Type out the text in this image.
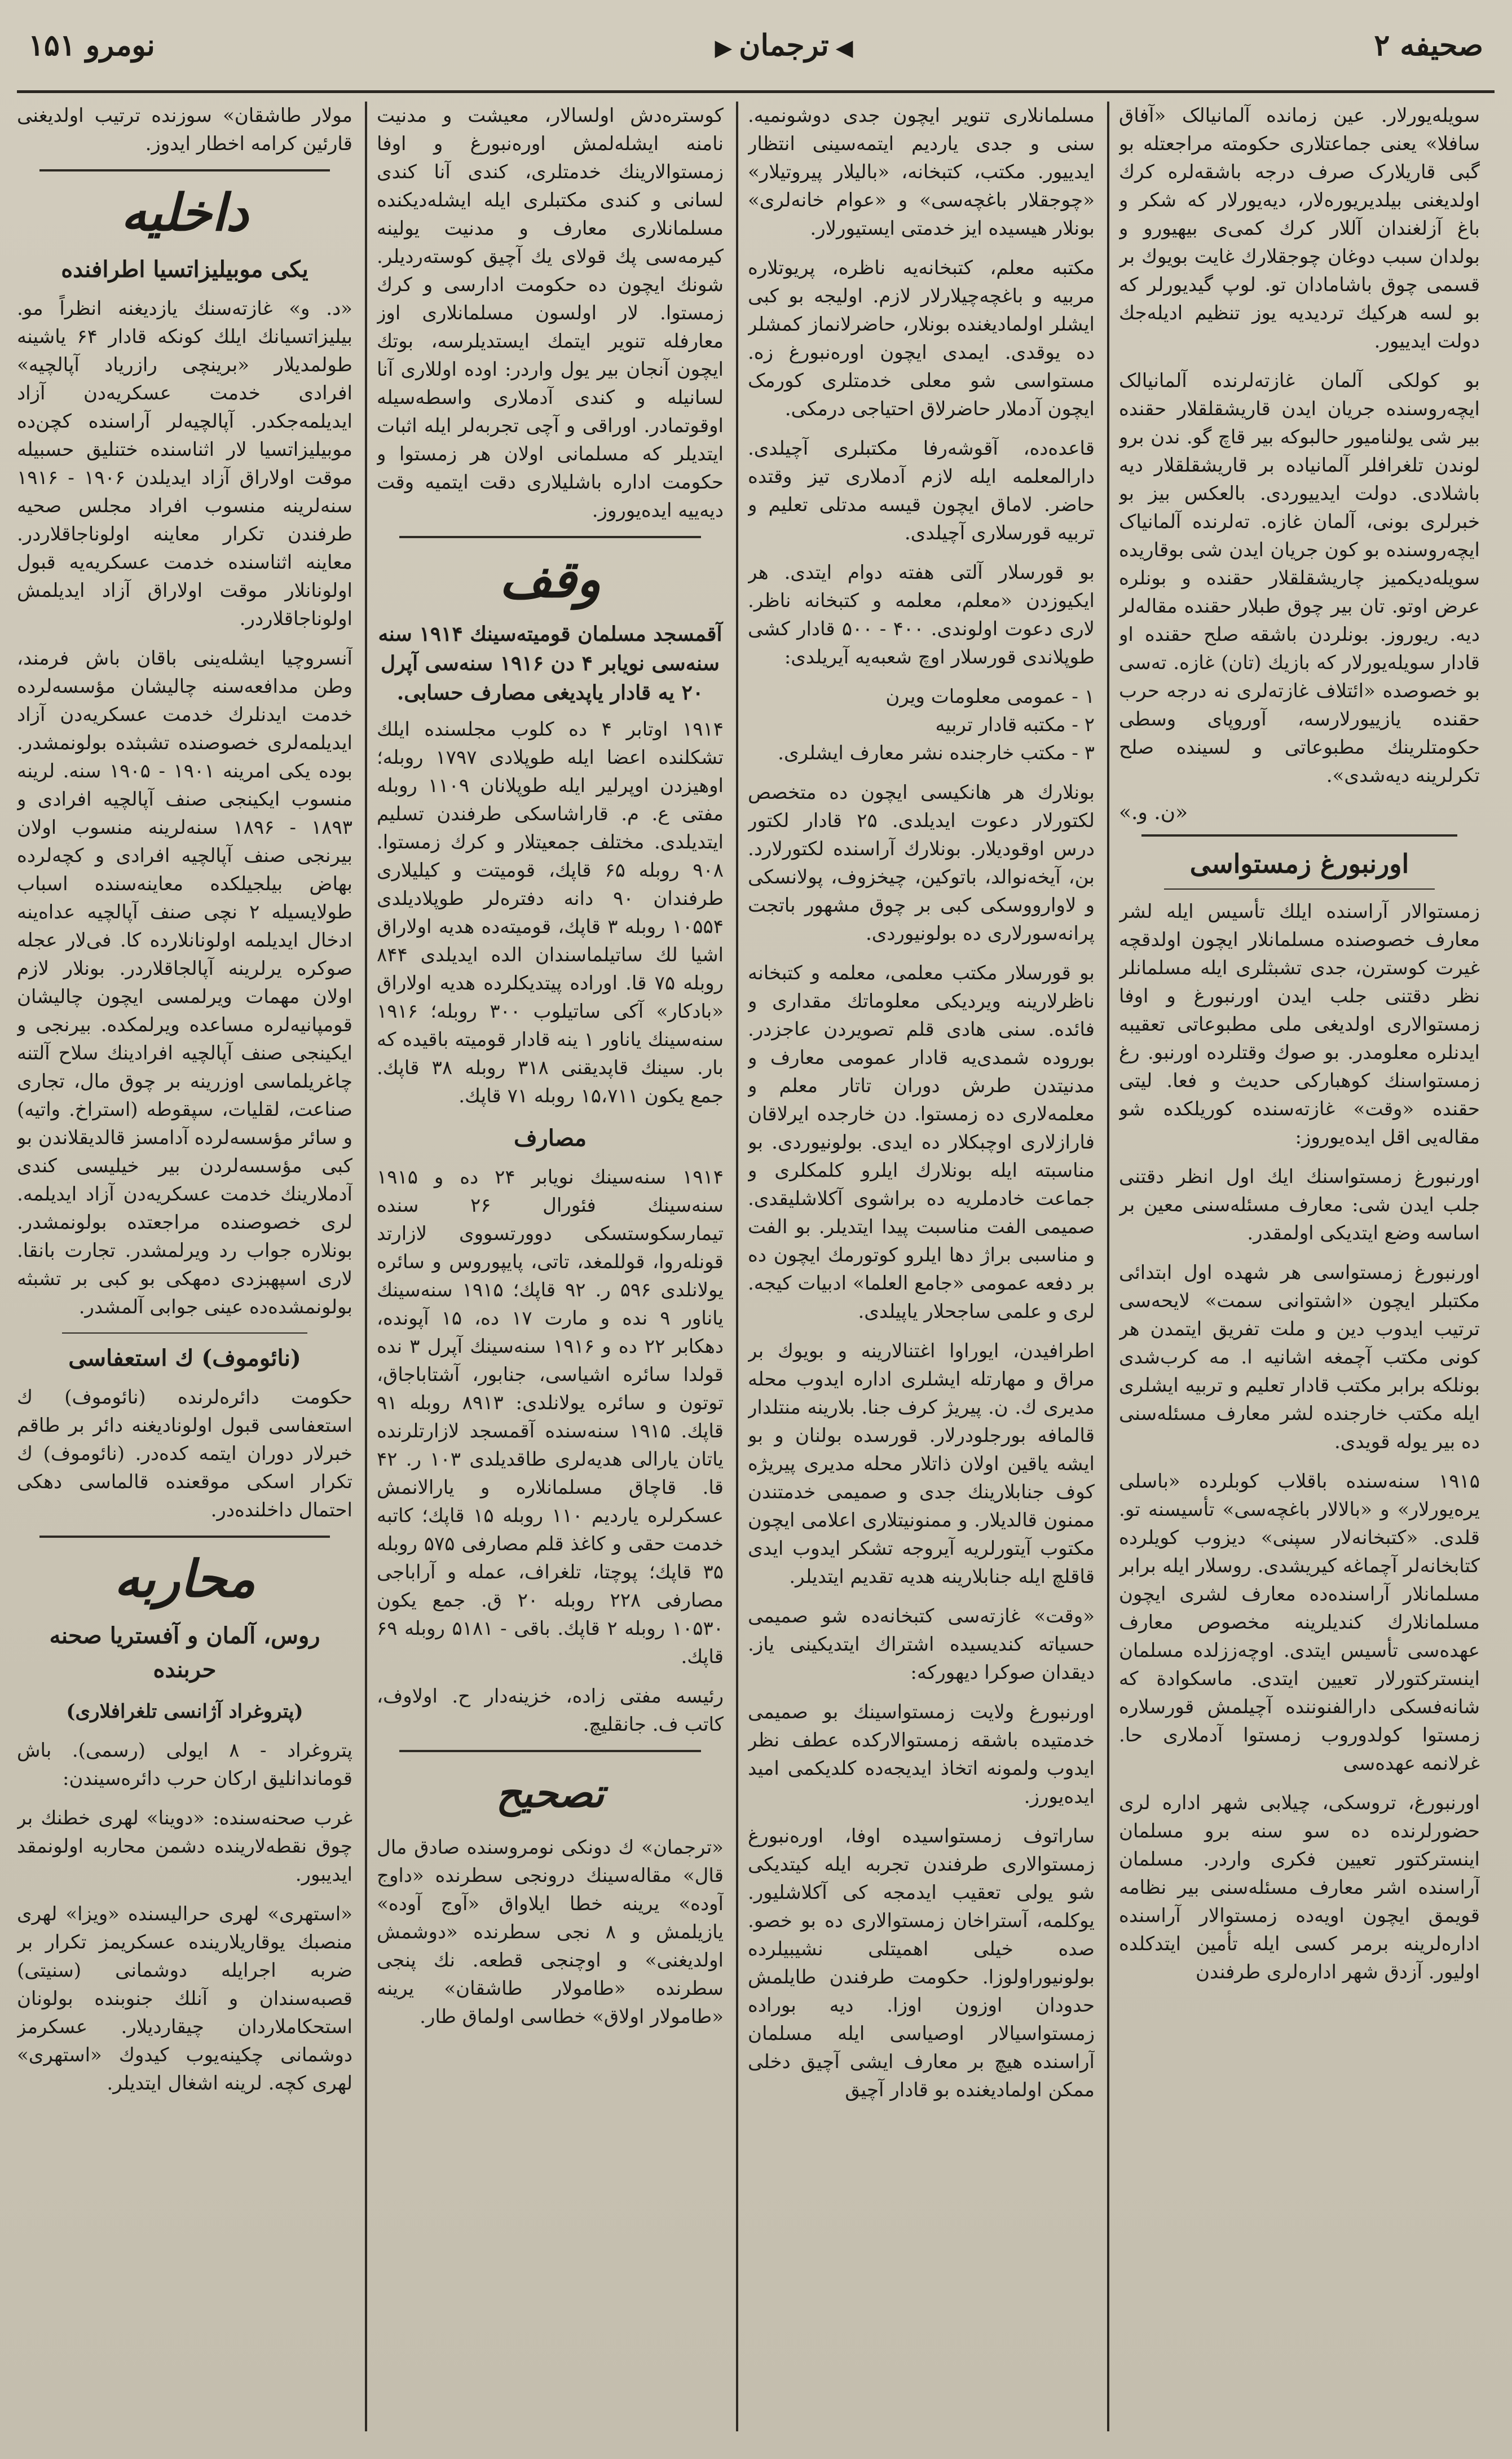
صحیفه ۲
◀ترجمان▶
نومرو ۱۵۱

مولار طاشقان» سوزنده ترتیب اولدیغنی قارئین کرامه اخطار ایدوز.

داخلیه
یکی موبیلیزاتسیا اطرافنده

«د. و» غازته‌سنك یازدیغنه انظراً مو. بیلیزاتسیانك ایلك کونکه قادار ۶۴ یاشینه طولمدیلار «برینچی رازریاد آپالچیه» افرادی خدمت عسکریه‌دن آزاد ایدیلمه‌جکدر. آپالچیه‌لر آراسنده کچن‌ده موبیلیزاتسیا لار اثناسنده ختنلیق حسبیله موقت اولاراق آزاد ایدیلدن ۱۹۰۶ - ۱۹۱۶ سنه‌لرینه منسوب افراد مجلس صحیه طرفندن تکرار معاینه اولوناجاقلاردر. معاینه اثناسنده خدمت عسکریه‌یه قبول اولونانلار موقت اولاراق آزاد ایدیلمش اولوناجاقلاردر.

آنسروچیا ایشله‌ینی باقان باش فرمند، وطن مدافعه‌سنه چالیشان مؤسسه‌لرده خدمت ایدنلرك خدمت عسکریه‌دن آزاد ایدیلمه‌لری خصوصنده تشبثده بولونمشدر. بوده یکی امرینه ۱۹۰۱ - ۱۹۰۵ سنه. لرینه منسوب ایکینجی صنف آپالچیه افرادی و ۱۸۹۳ - ۱۸۹۶ سنه‌لرینه منسوب اولان بیرنجی صنف آپالچیه افرادی و کچه‌لرده بهاض بیلجیلکده معاینه‌سنده اسباب طولایسیله ۲ نچی صنف آپالچیه عداه‌ینه ادخال ایدیلمه اولونانلارده کا. فی‌لار عجله صوکره یرلرینه آپالجاقلاردر. بونلار لازم اولان مهمات ویرلمسی ایچون چالیشان قومپانیه‌لره مساعده ویرلمکده. بیرنجی و ایکینجی صنف آپالچیه افرادینك سلاح آلتنه چاغریلماسی اوزرینه بر چوق مال، تجاری صناعت، لقلیات، سپقوطه (استراخ. واتیه) و سائر مؤسسه‌لرده آدامسز قالدیقلاندن بو کبی مؤسسه‌لردن بیر خیلیسی کندی آدملارینك خدمت عسکریه‌دن آزاد ایدیلمه. لری خصوصنده مراجعتده بولونمشدر. بونلاره جواب رد ویرلمشدر. تجارت بانقا. لاری اسپهبزدی دمهکی بو کبی بر تشبثه بولونمشده‌ده عینی جوابی آلمشدر.

(نائوموف) ك استعفاسی

حکومت دائره‌لرنده (نائوموف) ك استعفاسی قبول اولونادیغنه دائر بر طاقم خبرلار دوران ایتمه کده‌در. (نائوموف) ك تکرار اسکی موقعنده قالماسی دهکی احتمال داخلنده‌در.

محاربه
روس، آلمان و آفستریا صحنه حربنده
(پتروغراد آژانسی تلغرافلاری)

پتروغراد - ۸ ایولی (رسمی). باش قوماندانلیق ارکان حرب دائره‌سیندن:

غرب صحنه‌سنده: «دوینا» لهری خطنك بر چوق نقطه‌لارینده دشمن محاربه اولونمقد ایدیبور.

«استهری» لهری حرالیسنده «ویزا» لهری منصبك یوقاریلارینده عسکریمز تکرار بر ضربه اجرایله دوشمانی (سنیتی) قصبه‌سندان و آنلك جنوبنده بولونان استحکاملاردان چیقاردیلار. عسکرمز دوشمانی چکینه‌یوب کیدوك «استهری» لهری کچه. لرینه اشغال ایتدیلر.

کوستره‌دش اولسالار، معیشت و مدنیت نامنه ایشله‌لمش اوره‌نبورغ و اوفا زمستوالارینك خدمتلری، کندی آنا کندی لسانی و کندی مکتبلری ایله ایشله‌دیکنده مسلمانلاری معارف و مدنیت یولینه کیرمه‌سی پك قولای یك آچیق کوسته‌ردیلر. شونك ایچون ده حکومت ادارسی و کرك زمستوا. لار اولسون مسلمانلاری اوز معارفله تنویر ایتمك ایستدیلرسه، بوتك ایچون آنجان بیر یول واردر: اوده اوللاری آنا لسانیله و کندی آدملاری واسطه‌سیله اوقوتمادر. اوراقی و آچی تجربه‌لر ایله اثبات ایتدیلر که مسلمانی اولان هر زمستوا و حکومت اداره باشلیلاری دقت ایتمیه وقت دیه‌ییه ایده‌یوروز.

وقف
آقمسجد مسلمان قومیته‌سینك ۱۹۱۴ سنه سنه‌سی نویابر ۴ دن ۱۹۱۶ سنه‌سی آپرل ۲۰ یه قادار یاپدیغی مصارف حسابی.

۱۹۱۴ اوتابر ۴ ده کلوب مجلسنده ایلك تشکلنده اعضا ایله طوپلادی ۱۷۹۷ روبله؛ اوهیزدن اوپرلیر ایله طوپلانان ۱۱۰۹ روبله مفتی ع. م. قاراشاسکی طرفندن تسلیم ایتدیلدی. مختلف جمعیتلار و کرك زمستوا. ۹۰۸ روبله ۶۵ قاپك، قومیتت و کیلیلاری طرفندان ۹۰ دانه دفتره‌لر طوپلادیلدی ۱۰۵۵۴ روبله ۳ قاپك، قومیته‌ده هدیه اولاراق اشیا لك ساتیلماسندان الده ایدیلدی ۸۴۴ روبله ۷۵ قا. اوراده پیتدیكلرده هدیه اولاراق «بادکار» آکی ساتیلوب ۳۰۰ روبله؛ ۱۹۱۶ سنه‌سینك یاناور ۱ ینه قادار قومیته باقیده که بار. سینك قاپدیقنی ۳۱۸ روبله ۳۸ قاپك. جمع یکون ۱۵،۷۱۱ روبله ۷۱ قاپك.

مصارف

۱۹۱۴ سنه‌سینك نویابر ۲۴ ده و ۱۹۱۵ سنه‌سینك فئورال ۲۶ سنده تیمارسکوستسکی دوورتسووی لازارتد قونله‌روا، قوللمغد، تاتی، پایپوروس و سائره یولانلدی ۵۹۶ ر. ۹۲ قاپك؛ ۱۹۱۵ سنه‌سینك یاناور ۹ نده و مارت ۱۷ ده، ۱۵ آپونده، دهکابر ۲۲ ده و ۱۹۱۶ سنه‌سینك آپرل ۳ نده قولدا سائره اشیاسی، جنابور، آشتاباجاق، توتون و سائره یولانلدی: ۸۹۱۳ روبله ۹۱ قاپك. ۱۹۱۵ سنه‌سنده آقمسجد لازارتلرنده یاتان یارالی هدیه‌لری طاقدیلدی ۱۰۳ ر. ۴۲ قا. قاچاق مسلمانلاره و یارالانمش عسکرلره یاردیم ۱۱۰ روبله ۱۵ قاپك؛ کاتبه خدمت حقی و کاغذ قلم مصارفی ۵۷۵ روبله ۳۵ قاپك؛ پوچتا، تلغراف، عمله و آراباجی مصارفی ۲۲۸ روبله ۲۰ ق. جمع یکون ۱۰۵۳۰ روبله ۲ قاپك. باقی - ۵۱۸۱ روبله ۶۹ قاپك.

رئیسه مفتی زاده، خزینه‌دار ح. اولاوف، کاتب ف. جانقلیچ.

تصحیح

«ترجمان» ك دونکی نومروسنده صادق مال قال» مقاله‌سینك درونجی سطرنده «داوج آوده» یرینه خطا ایلاواق «آوج آوده» یازیلمش و ۸ نجی سطرنده «دوشمش اولدیغنی» و اوچنجی قطعه. نك پنجی سطرنده «طامولار طاشقان» یرینه «طامولار اولاق» خطاسی اولماق طار.

مسلمانلاری تنویر ایچون جدی دوشونمیه. سنی و جدی یاردیم ایتمه‌سینی انتظار ایدییور. مکتب، کتبخانه، «بالیلار پیروتیلار» «چوجقلار باغچه‌سی» و «عوام خانه‌لری» بونلار هیسیده ایز خدمتی ایستیورلار.

مکتبه معلم، کتبخانه‌یه ناظره، پریوتلاره مربیه و باغچه‌چیلارلار لازم. اولیجه بو کبی ایشلر اولمادیغنده بونلار، حاضرلانماز کمشلر ده یوقدی. ایمدی ایچون اوره‌نبورغ زه. مستواسی شو معلی خدمتلری کورمک ایچون آدملار حاضرلاق احتیاجی درمکی.

قاعده‌ده، آقوشه‌رفا مکتبلری آچیلدی. دارالمعلمه ایله لازم آدملاری تیز وقتده حاضر. لاماق ایچون قیسه مدتلی تعلیم و تربیه قورسلاری آچیلدی.

بو قورسلار آلتی هفته دوام ایتدی. هر ایکیوزدن «معلم، معلمه و کتبخانه ناظر. لاری دعوت اولوندی. ۴۰۰ - ۵۰۰ قادار کشی طوپلاندی قورسلار اوچ شعبه‌یه آیریلدی:

۱ - عمومی معلومات ویرن

۲ - مکتبه قادار تربیه

۳ - مکتب خارجنده نشر معارف ایشلری.

بونلارك هر هانکیسی ایچون ده متخصص لکتورلار دعوت ایدیلدی. ۲۵ قادار لکتور درس اوقودیلار. بونلارك آراسنده لکتورلارد. بن، آیخه‌نوالد، باتوکین، چیخزوف، پولانسکی و لاوارووسکی کبی بر چوق مشهور باتجت پرانه‌سورلاری ده بولونیوردی.

بو قورسلار مکتب معلمی، معلمه و کتبخانه ناظرلارینه ویردیکی معلوماتك مقداری و فائده. سنی هادی قلم تصویردن عاجزدر. بوروده شمدی‌یه قادار عمومی معارف و مدنیتدن طرش دوران تاتار معلم و معلمه‌لاری ده زمستوا. دن خارجده ایرلاقان فارازلاری اوچبکلار ده ایدی. بولونیوردی. بو مناسبته ایله بونلارك ایلرو کلمکلری و جماعت خادملریه ده براشوی آکلاشلیقدی. صمیمی الفت مناسبت پیدا ایتدیلر. بو الفت و مناسبی براژ دها ایلرو کوتورمك ایچون ده بر دفعه عمومی «جامع العلما» ادبیات کیجه. لری و علمی ساجحلار یاپیلدی.

اطرافیدن، ایوراوا اغتنالارینه و بویوك بر مراق و مهارتله ایشلری اداره ایدوب محله مدیری ك. ن. پیریژ کرف جنا. بلارینه منتلدار قالمافه بورجلودرلار. قورسده بولنان و بو ایشه یاقین اولان ذاتلار محله مدیری پیریژه کوف جنابلارینك جدی و صمیمی خدمتندن ممنون قالدیلار. و ممنونیتلاری اعلامی ایچون مکتوب آیتورلریه آیروجه تشکر ایدوب ایدی قاقلچ ایله جنابلارینه هدیه تقدیم ایتدیلر.

«وقت» غازته‌سی کتبخانه‌ده شو صمیمی حسیاته کندیسیده اشتراك ایتدیکینی یاز. دیقدان صوکرا دیهورکه:

اورنبورغ ولایت زمستواسینك بو صمیمی خدمتیده باشقه زمستوالارکده عطف نظر ایدوب ولمونه اتخاذ ایدیجه‌ده کلدیکمی امید ایده‌یورز.

ساراتوف زمستواسیده اوفا، اوره‌نبورغ زمستوالاری طرفندن تجربه ایله کیتدیکی شو یولی تعقیب ایدمجه کی آکلاشلیور. یوکلمه، آستراخان زمستوالاری ده بو خصو. صده خیلی اهمیتلی نشیبیلرده بولونیوراولوزا. حکومت طرفندن طایلمش حدودان اوزون اوزا. دیه بوراده زمستواسیالار اوصیاسی ایله مسلمان آراسنده هیچ بر معارف ایشی آچیق دخلی ممکن اولمادیغنده بو قادار آچیق

سویله‌یورلار. عین زمانده آلمانیالک «آفاق سافلا» یعنی جماعتلاری حکومته مراجعتله بو گبی قاریلارک صرف درجه باشقه‌لره کرك اولدیغنی بیلدیریوره‌لار، دیه‌یورلار که شکر و باغ آزلغندان آللار کرك کمی‌ی بیهیورو و بولدان سبب دوغان چوجقلارك غایت بویوك بر قسمی چوق باشامادان تو. لوپ گیدیورلر که بو لسه هرکیك تردیدیه یوز تنظیم ادیله‌جك دولت ایدییور.

بو کولکی آلمان غازته‌لرنده آلمانیالک ایچه‌روسنده جریان ایدن قاریشقلقلار حقنده بیر شی یولنامیور حالبوکه بیر قاچ گو. ندن برو لوندن تلغرافلر آلمانیاده بر قاریشقلقلار دیه باشلادی. دولت ایدییوردی. بالعکس بیز بو خبرلری بونی، آلمان غازه. ته‌لرنده آلمانیاک ایچه‌روسنده بو کون جریان ایدن شی بوقاریده سویله‌دیکمیز چاریشقلقلار حقنده و بونلره عرض اوتو. تان بیر چوق طبلار حقنده مقاله‌لر دیه. ریوروز. بونلردن باشقه صلح حقنده او قادار سویله‌یورلار که بازیك (تان) غازه. ته‌سی بو خصوصده «ائتلاف غازته‌لری نه درجه حرب حقنده یازییورلارسه، آوروپای وسطی حکومتلرینك مطبوعاتی و لسینده صلح تکرلرینه دیه‌شدی».

«ن. و.»
اورنبورغ زمستواسی

زمستوالار آراسنده ایلك تأسیس ایله لشر معارف خصوصنده مسلمانلار ایچون اولدقچه غیرت کوسترن، جدی تشبثلری ایله مسلمانلر نظر دقتنی جلب ایدن اورنبورغ و اوفا زمستوالاری اولدیغی ملی مطبوعاتی تعقیبه ایدنلره معلومدر. بو صوك وقتلرده اورنبو. رغ زمستواسنك کوهبارکی حدیث و فعا. لیتی حقنده «وقت» غازته‌سنده کوریلکده شو مقاله‌یی اقل ایده‌یوروز:

اورنبورغ زمستواسنك ایك اول انظر دقتنی جلب ایدن شی: معارف مسئله‌سنی معین بر اساسه وضع ایتدیکی اولمقدر.

اورنبورغ زمستواسی هر شهده اول ابتدائی مکتبلر ایچون «اشتوانی سمت» لایحه‌سی ترتیب ایدوب دین و ملت تفریق ایتمدن هر کونی مکتب آچمغه اشانیه ا. مه کرب‌شدی بونلکه برابر مکتب قادار تعلیم و تربیه ایشلری ایله مکتب خارجنده لشر معارف مسئله‌سنی ده بیر یوله قویدی.

۱۹۱۵ سنه‌سنده باقلاب کوبلرده «باسلی یره‌یورلار» و «بالالار باغچه‌سی» تأسیسنه تو. قلدی. «کتبخانه‌لار سپنی» دیزوب کویلرده کتابخانه‌لر آچماغه کیریشدی. روسلار ایله برابر مسلمانلار آراسنده‌ده معارف لشری ایچون مسلمانلارك کندیلرینه مخصوص معارف عهده‌سی تأسیس ایتدی. اوچه‌ززلده مسلمان اینسترکتورلار تعیین ایتدی. ماسکوادة که شانه‌فسکی دارالفنوننده آچیلمش قورسلاره زمستوا کولدوروب زمستوا آدملاری حا. غرلانمه عهده‌سی

اورنبورغ، تروسکی، چیلابی شهر اداره لری حضورلرنده ده سو سنه برو مسلمان اینسترکتور تعیین فکری واردر. مسلمان آراسنده اشر معارف مسئله‌سنی بیر نظامه قویمق ایچون اویه‌ده زمستوالار آراسنده اداره‌لرینه برمر کسی ایله تأمین ایتدکلده اولیور. آزدق شهر اداره‌لری طرفندن
